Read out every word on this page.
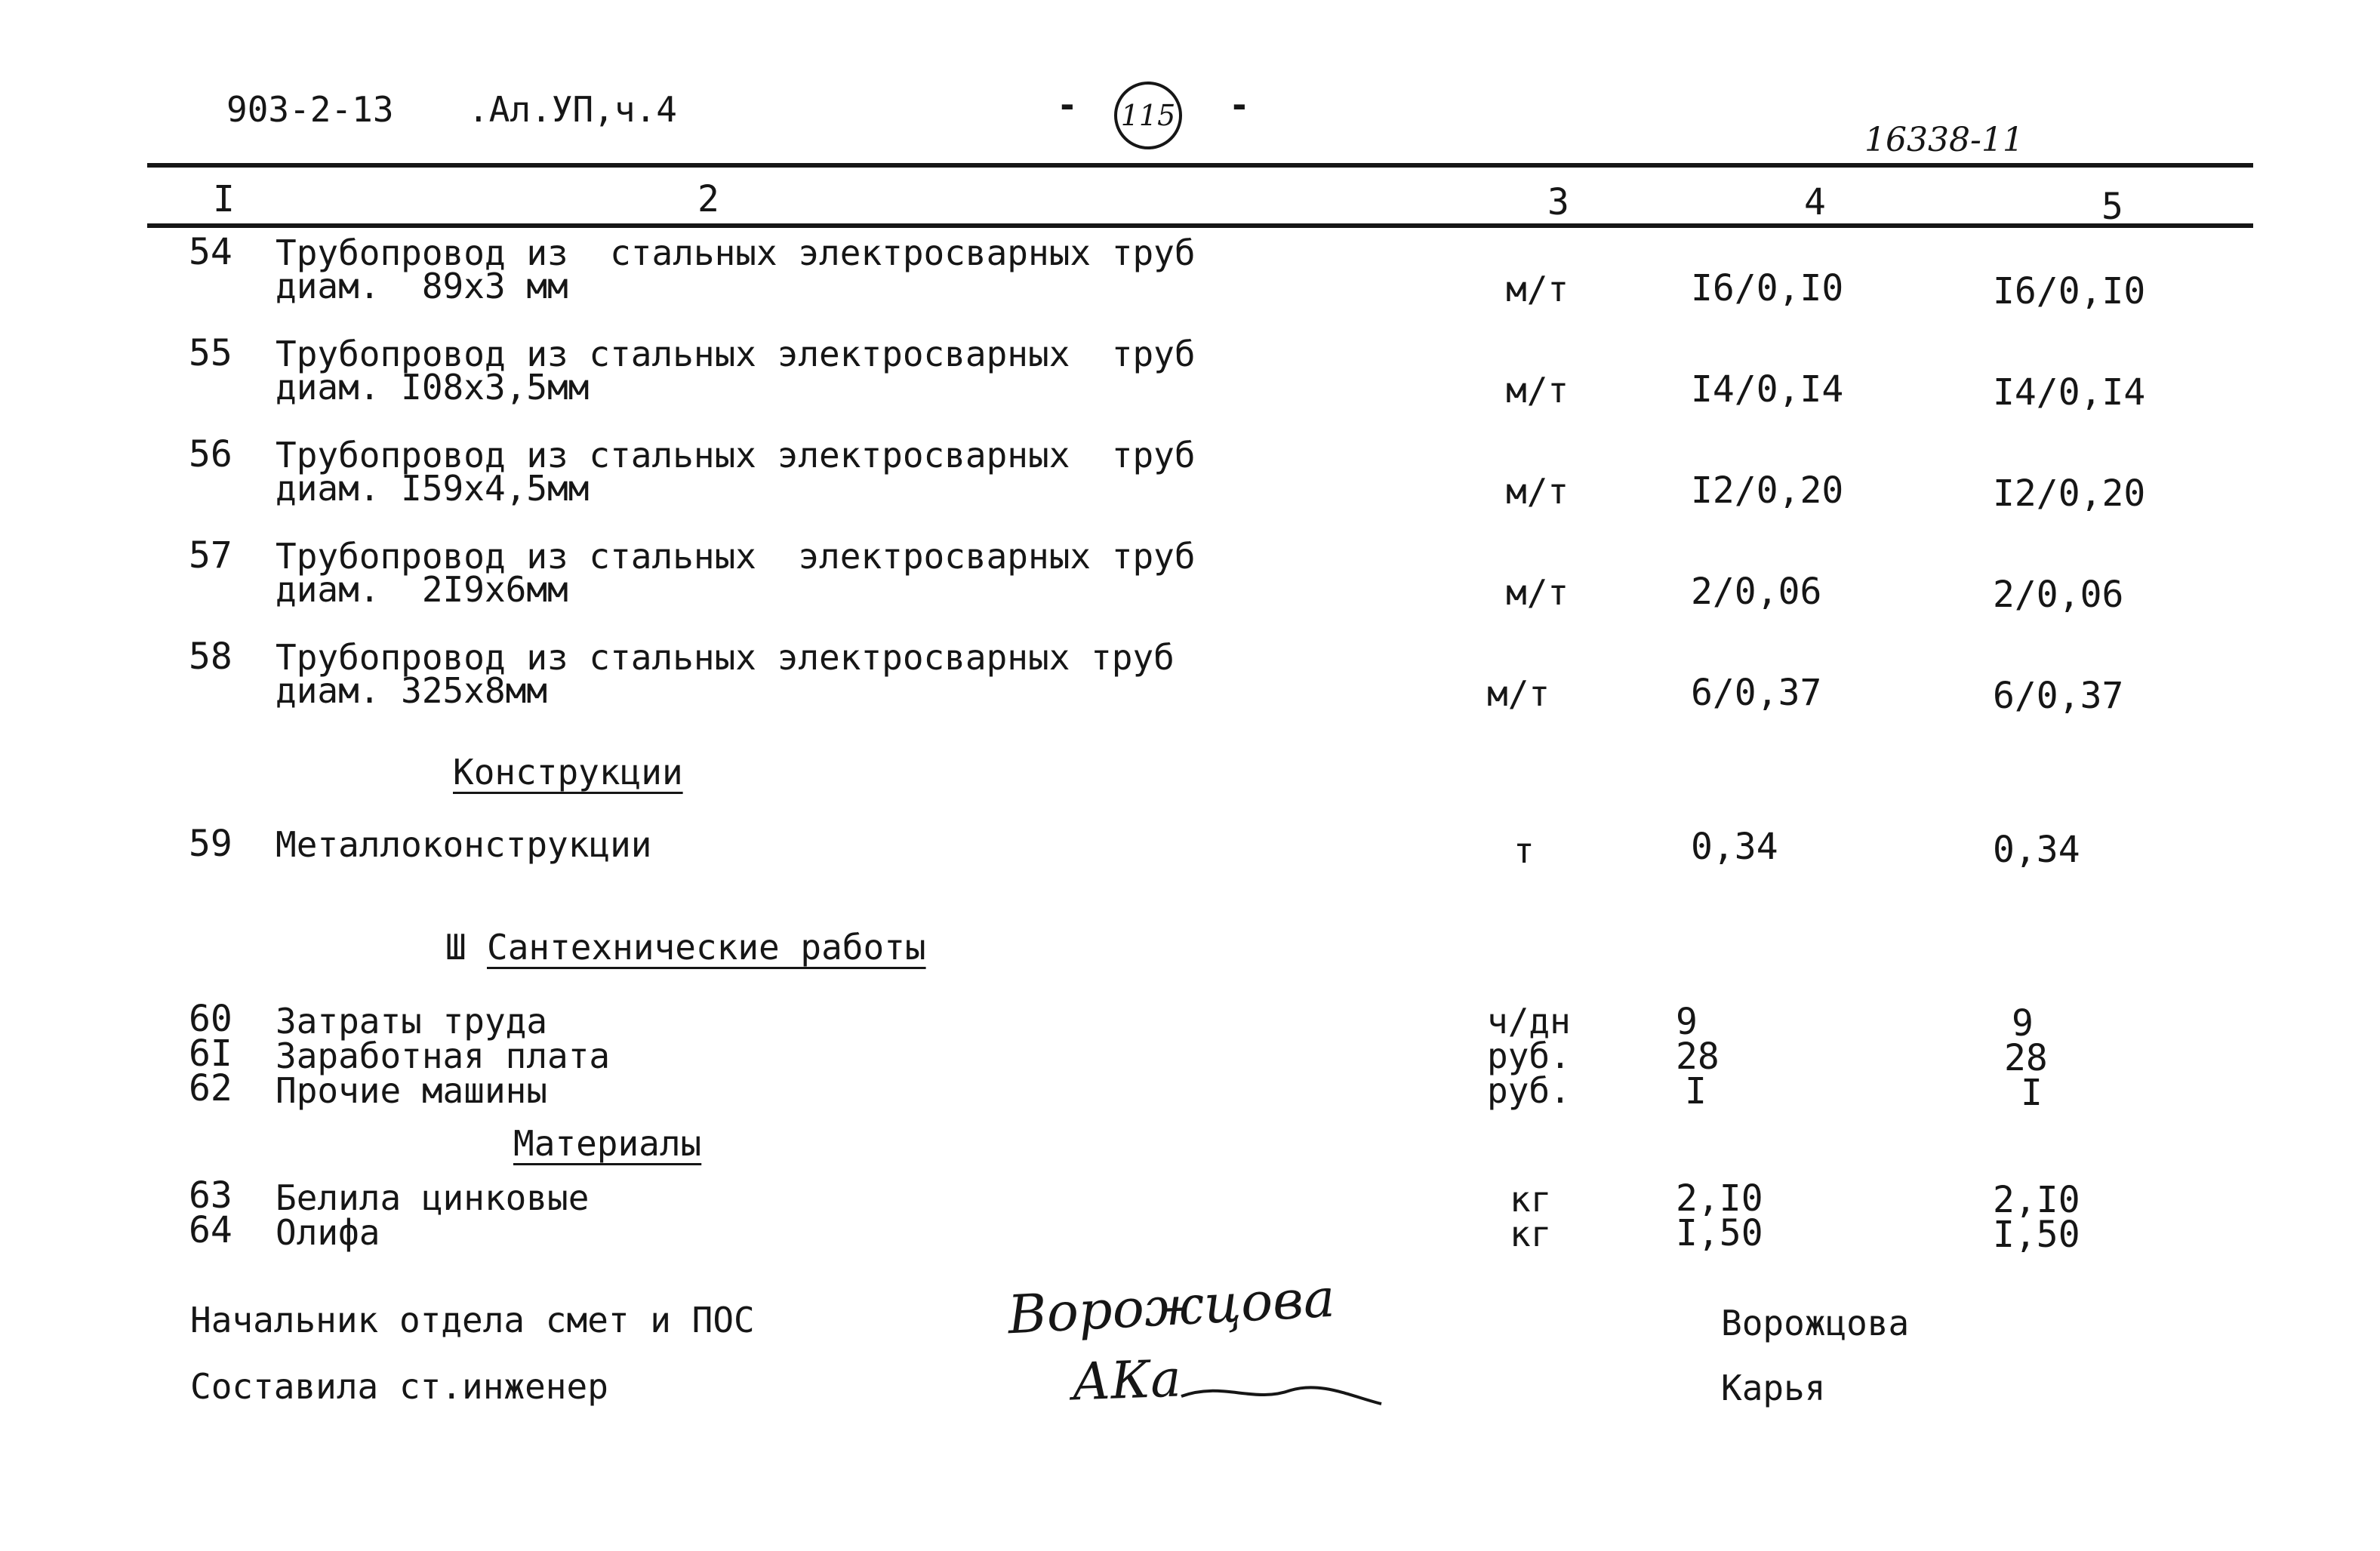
903-2-13 .Ал.УП,ч.4	- 115 -
16338-11
I	2	3	4	5
54 Трубопровод из  стальных электросварных труб
диам.  89х3 мм	м/т	I6/0,I0	I6/0,I0
55 Трубопровод из стальных электросварных  труб
диам. I08х3,5мм	м/т	I4/0,I4	I4/0,I4
56 Трубопровод из стальных электросварных  труб
диам. I59х4,5мм	м/т	I2/0,20	I2/0,20
57 Трубопровод из стальных  электросварных труб
диам.  2I9х6мм	м/т	2/0,06	2/0,06
58 Трубопровод из стальных электросварных труб
диам. 325х8мм	м/т	6/0,37	6/0,37
Конструкции
59 Металлоконструкции	т	0,34	0,34
Ш Сантехнические работы
60 Затраты труда	ч/дн	9	9
6I Заработная плата	руб.	28	28
62 Прочие машины	руб.	I	I
Материалы
63 Белила цинковые	кг	2,I0	2,I0
64 Олифа	кг	I,50	I,50
Начальник отдела смет и ПОС	Ворожцова	Ворожцова
Составила ст.инженер	АКа	Карья
